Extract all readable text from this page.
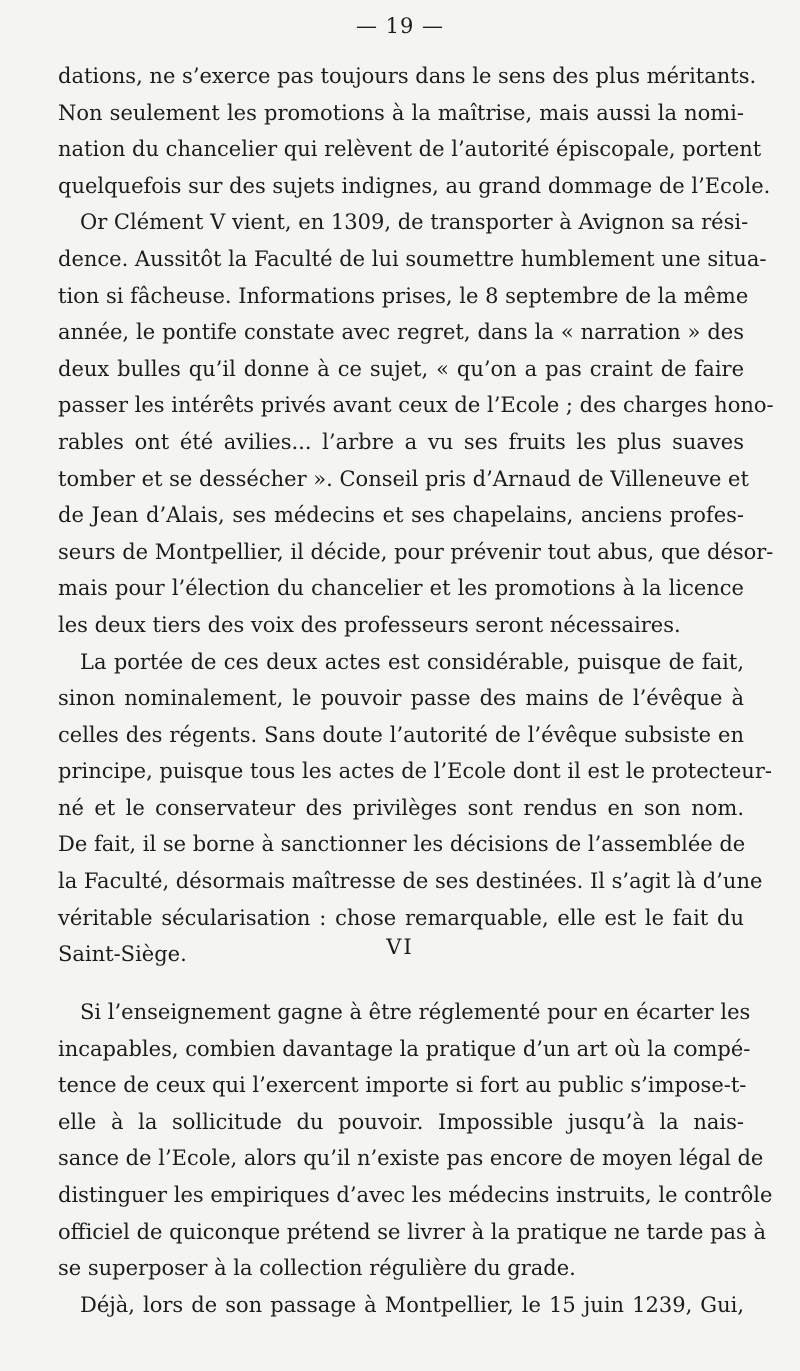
— 19 —
dations, ne s’exerce pas toujours dans le sens des plus méritants.
Non seulement les promotions à la maîtrise, mais aussi la nomi-
nation du chancelier qui relèvent de l’autorité épiscopale, portent
quelquefois sur des sujets indignes, au grand dommage de l’Ecole.
Or Clément V vient, en 1309, de transporter à Avignon sa rési-
dence. Aussitôt la Faculté de lui soumettre humblement une situa-
tion si fâcheuse. Informations prises, le 8 septembre de la même
année, le pontife constate avec regret, dans la « narration » des
deux bulles qu’il donne à ce sujet, « qu’on a pas craint de faire
passer les intérêts privés avant ceux de l’Ecole ; des charges hono-
rables ont été avilies... l’arbre a vu ses fruits les plus suaves
tomber et se dessécher ». Conseil pris d’Arnaud de Villeneuve et
de Jean d’Alais, ses médecins et ses chapelains, anciens profes-
seurs de Montpellier, il décide, pour prévenir tout abus, que désor-
mais pour l’élection du chancelier et les promotions à la licence
les deux tiers des voix des professeurs seront nécessaires.
La portée de ces deux actes est considérable, puisque de fait,
sinon nominalement, le pouvoir passe des mains de l’évêque à
celles des régents. Sans doute l’autorité de l’évêque subsiste en
principe, puisque tous les actes de l’Ecole dont il est le protecteur-
né et le conservateur des privilèges sont rendus en son nom.
De fait, il se borne à sanctionner les décisions de l’assemblée de
la Faculté, désormais maîtresse de ses destinées. Il s’agit là d’une
véritable sécularisation : chose remarquable, elle est le fait du
Saint-Siège.	VI
Si l’enseignement gagne à être réglementé pour en écarter les
incapables, combien davantage la pratique d’un art où la compé-
tence de ceux qui l’exercent importe si fort au public s’impose-t-
elle à la sollicitude du pouvoir. Impossible jusqu’à la nais-
sance de l’Ecole, alors qu’il n’existe pas encore de moyen légal de
distinguer les empiriques d’avec les médecins instruits, le contrôle
officiel de quiconque prétend se livrer à la pratique ne tarde pas à
se superposer à la collection régulière du grade.
Déjà, lors de son passage à Montpellier, le 15 juin 1239, Gui,
